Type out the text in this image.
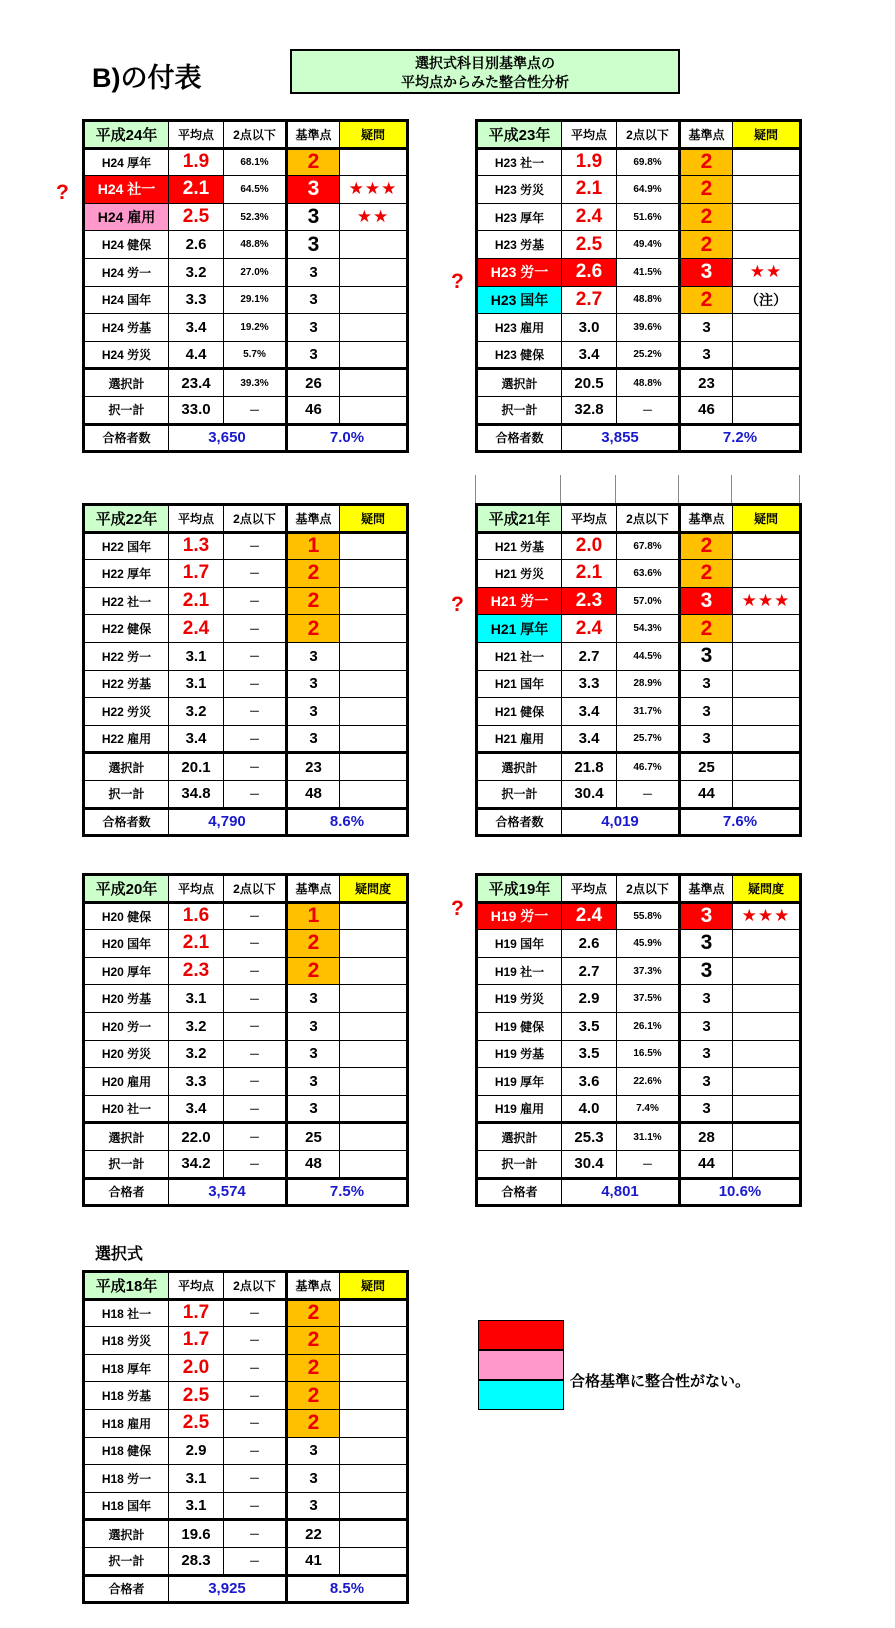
B)の付表	選択式科目別基準点の
平均点からみた整合性分析
?
?
?
?
選択式
合格基準に整合性がない。
平成24年	平均点	2点以下	基準点	疑問
H24 厚年	1.9	68.1%	2	
H24 社一	2.1	64.5%	3	★★★
H24 雇用	2.5	52.3%	3	★★
H24 健保	2.6	48.8%	3	
H24 労一	3.2	27.0%	3	
H24 国年	3.3	29.1%	3	
H24 労基	3.4	19.2%	3	
H24 労災	4.4	5.7%	3	
選択計	23.4	39.3%	26	
択一計	33.0	－	46	
合格者数	3,650		7.0%	
平成23年	平均点	2点以下	基準点	疑問
H23 社一	1.9	69.8%	2	
H23 労災	2.1	64.9%	2	
H23 厚年	2.4	51.6%	2	
H23 労基	2.5	49.4%	2	
H23 労一	2.6	41.5%	3	★★
H23 国年	2.7	48.8%	2	（注）
H23 雇用	3.0	39.6%	3	
H23 健保	3.4	25.2%	3	
選択計	20.5	48.8%	23	
択一計	32.8	－	46	
合格者数	3,855		7.2%	
平成22年	平均点	2点以下	基準点	疑問
H22 国年	1.3	－	1	
H22 厚年	1.7	－	2	
H22 社一	2.1	－	2	
H22 健保	2.4	－	2	
H22 労一	3.1	－	3	
H22 労基	3.1	－	3	
H22 労災	3.2	－	3	
H22 雇用	3.4	－	3	
選択計	20.1	－	23	
択一計	34.8	－	48	
合格者数	4,790		8.6%	
平成21年	平均点	2点以下	基準点	疑問
H21 労基	2.0	67.8%	2	
H21 労災	2.1	63.6%	2	
H21 労一	2.3	57.0%	3	★★★
H21 厚年	2.4	54.3%	2	
H21 社一	2.7	44.5%	3	
H21 国年	3.3	28.9%	3	
H21 健保	3.4	31.7%	3	
H21 雇用	3.4	25.7%	3	
選択計	21.8	46.7%	25	
択一計	30.4	－	44	
合格者数	4,019		7.6%	
平成20年	平均点	2点以下	基準点	疑問度
H20 健保	1.6	－	1	
H20 国年	2.1	－	2	
H20 厚年	2.3	－	2	
H20 労基	3.1	－	3	
H20 労一	3.2	－	3	
H20 労災	3.2	－	3	
H20 雇用	3.3	－	3	
H20 社一	3.4	－	3	
選択計	22.0	－	25	
択一計	34.2	－	48	
合格者	3,574		7.5%	
平成19年	平均点	2点以下	基準点	疑問度
H19 労一	2.4	55.8%	3	★★★
H19 国年	2.6	45.9%	3	
H19 社一	2.7	37.3%	3	
H19 労災	2.9	37.5%	3	
H19 健保	3.5	26.1%	3	
H19 労基	3.5	16.5%	3	
H19 厚年	3.6	22.6%	3	
H19 雇用	4.0	7.4%	3	
選択計	25.3	31.1%	28	
択一計	30.4	－	44	
合格者	4,801		10.6%	
平成18年	平均点	2点以下	基準点	疑問
H18 社一	1.7	－	2	
H18 労災	1.7	－	2	
H18 厚年	2.0	－	2	
H18 労基	2.5	－	2	
H18 雇用	2.5	－	2	
H18 健保	2.9	－	3	
H18 労一	3.1	－	3	
H18 国年	3.1	－	3	
選択計	19.6	－	22	
択一計	28.3	－	41	
合格者	3,925		8.5%	
